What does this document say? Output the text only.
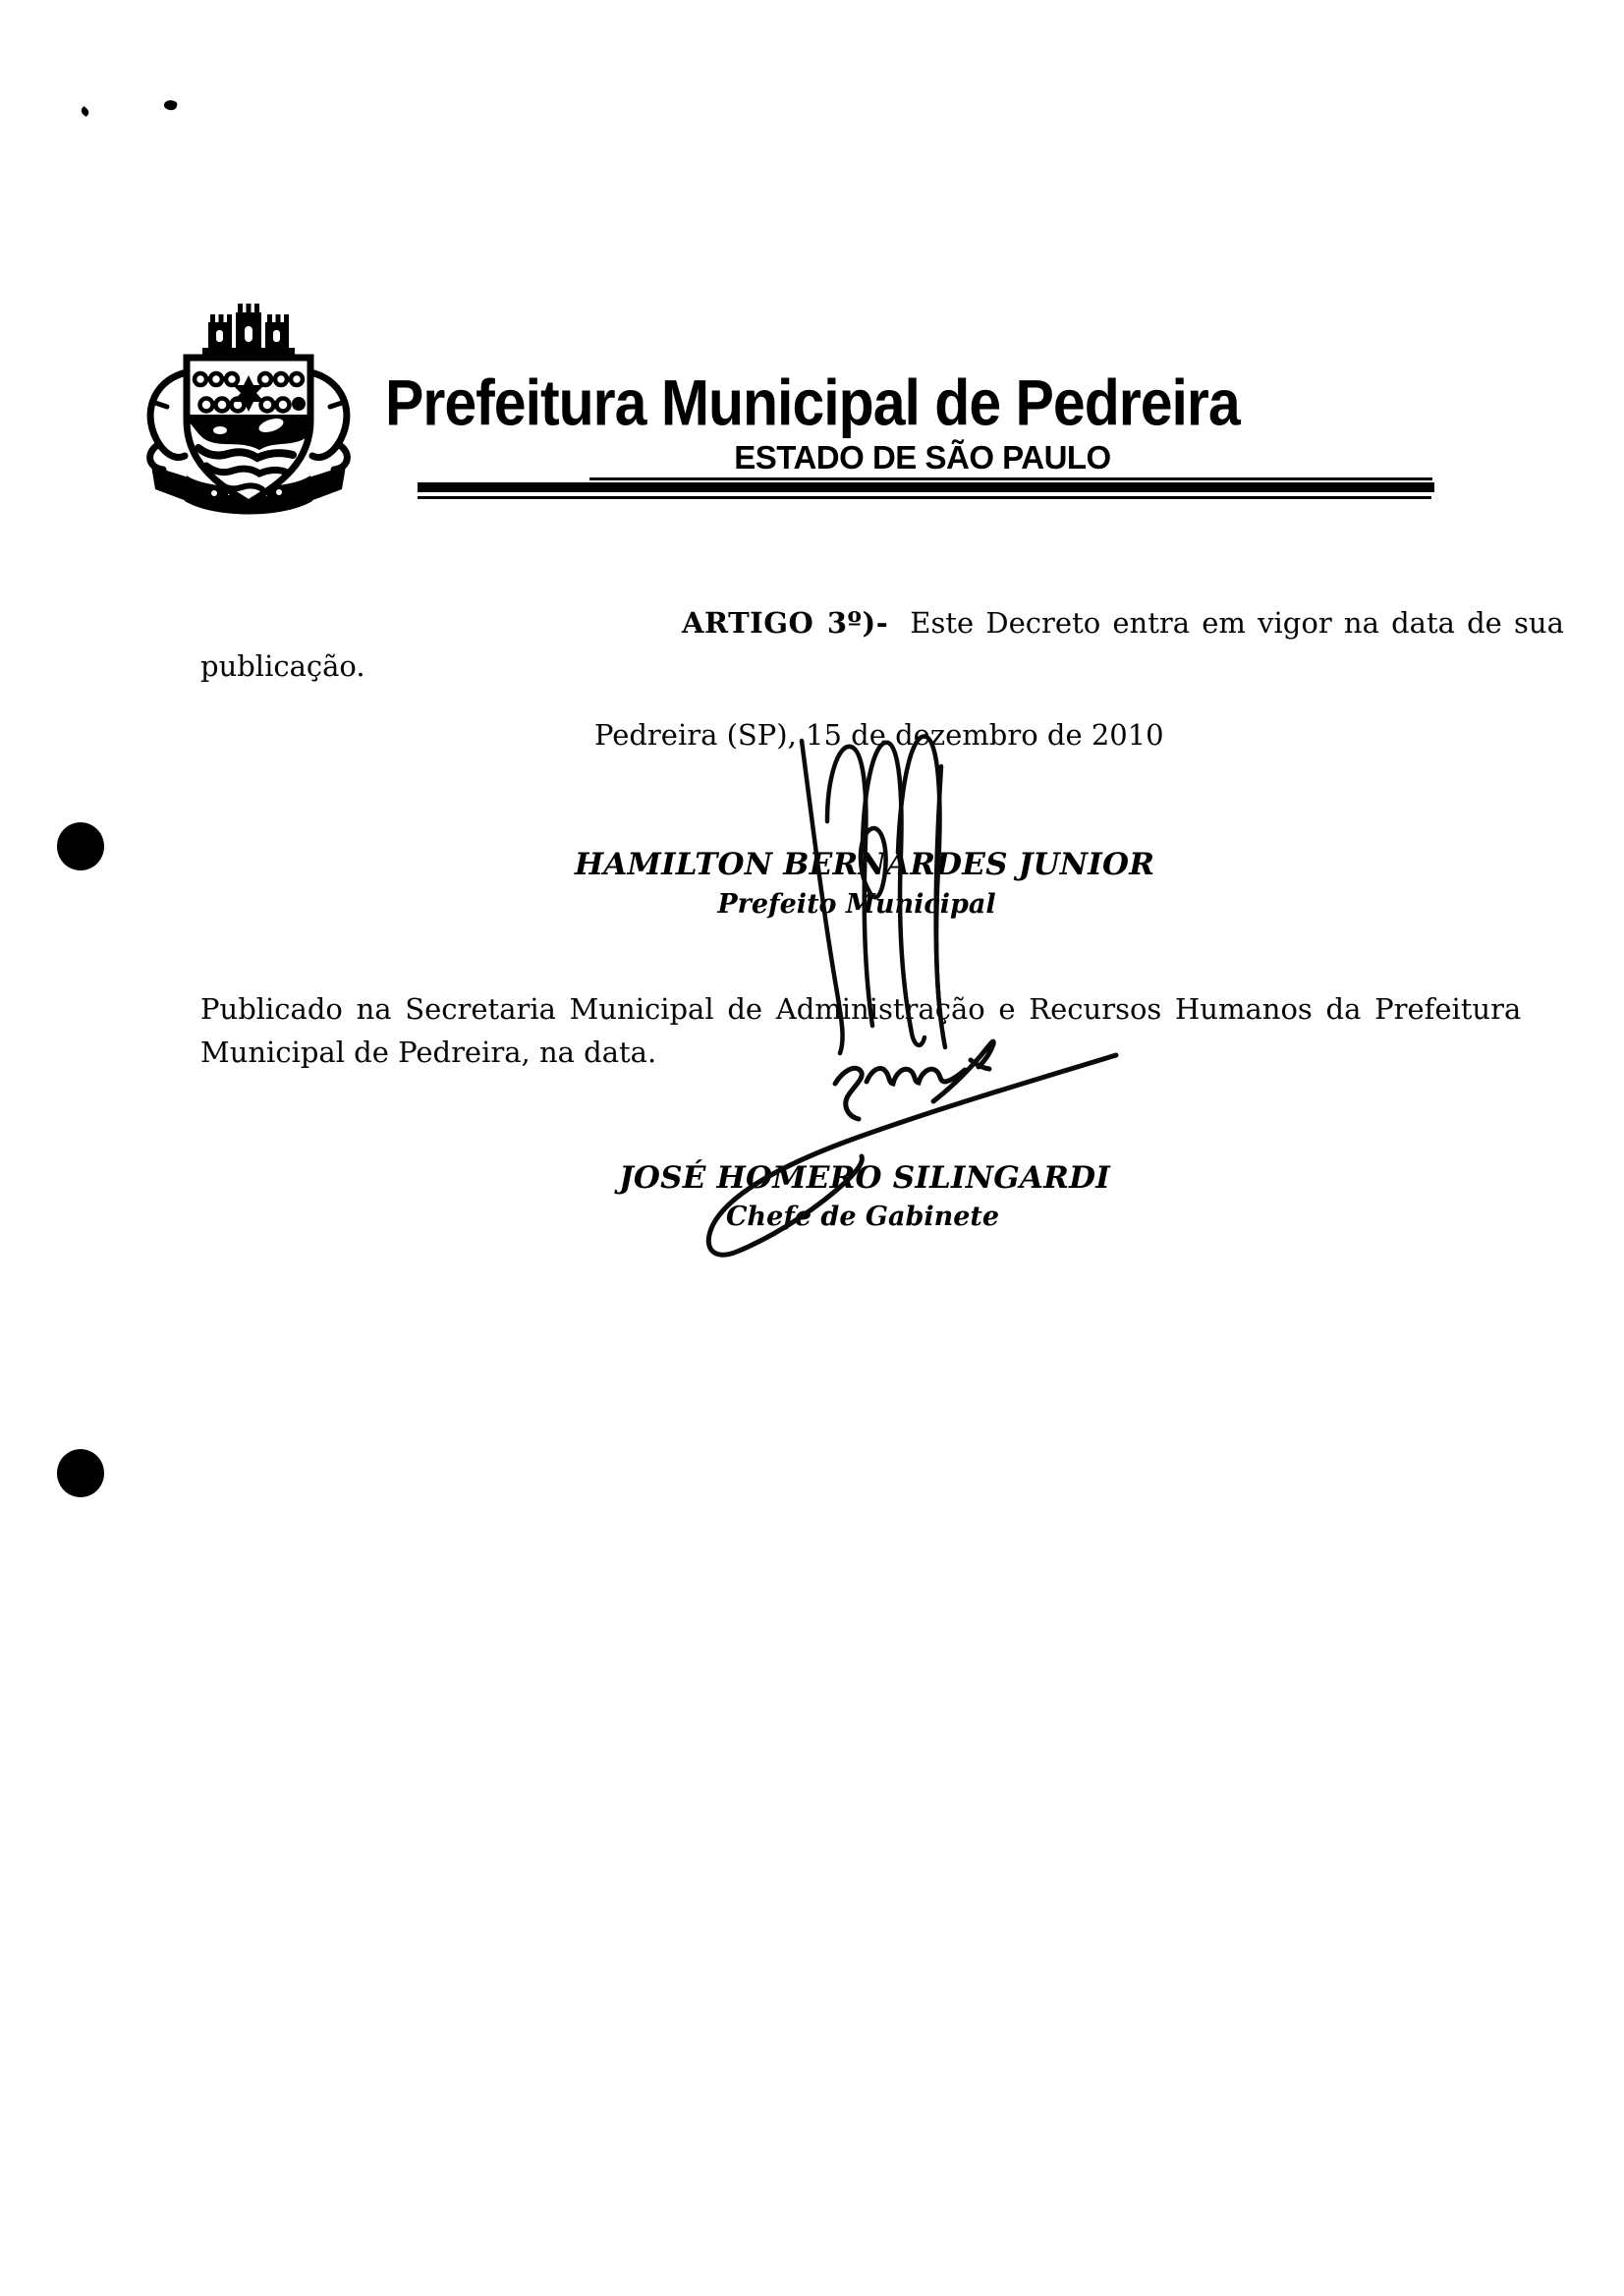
Prefeitura Municipal de Pedreira
ESTADO DE SÃO PAULO
ARTIGO 3º)- Este Decreto entra em vigor na data de sua
publicação.
Pedreira (SP), 15 de dezembro de 2010
HAMILTON BERNARDES JUNIOR
Prefeito Municipal
Publicado na Secretaria Municipal de Administração e Recursos Humanos da Prefeitura
Municipal de Pedreira, na data.
JOSÉ HOMERO SILINGARDI
Chefe de Gabinete
